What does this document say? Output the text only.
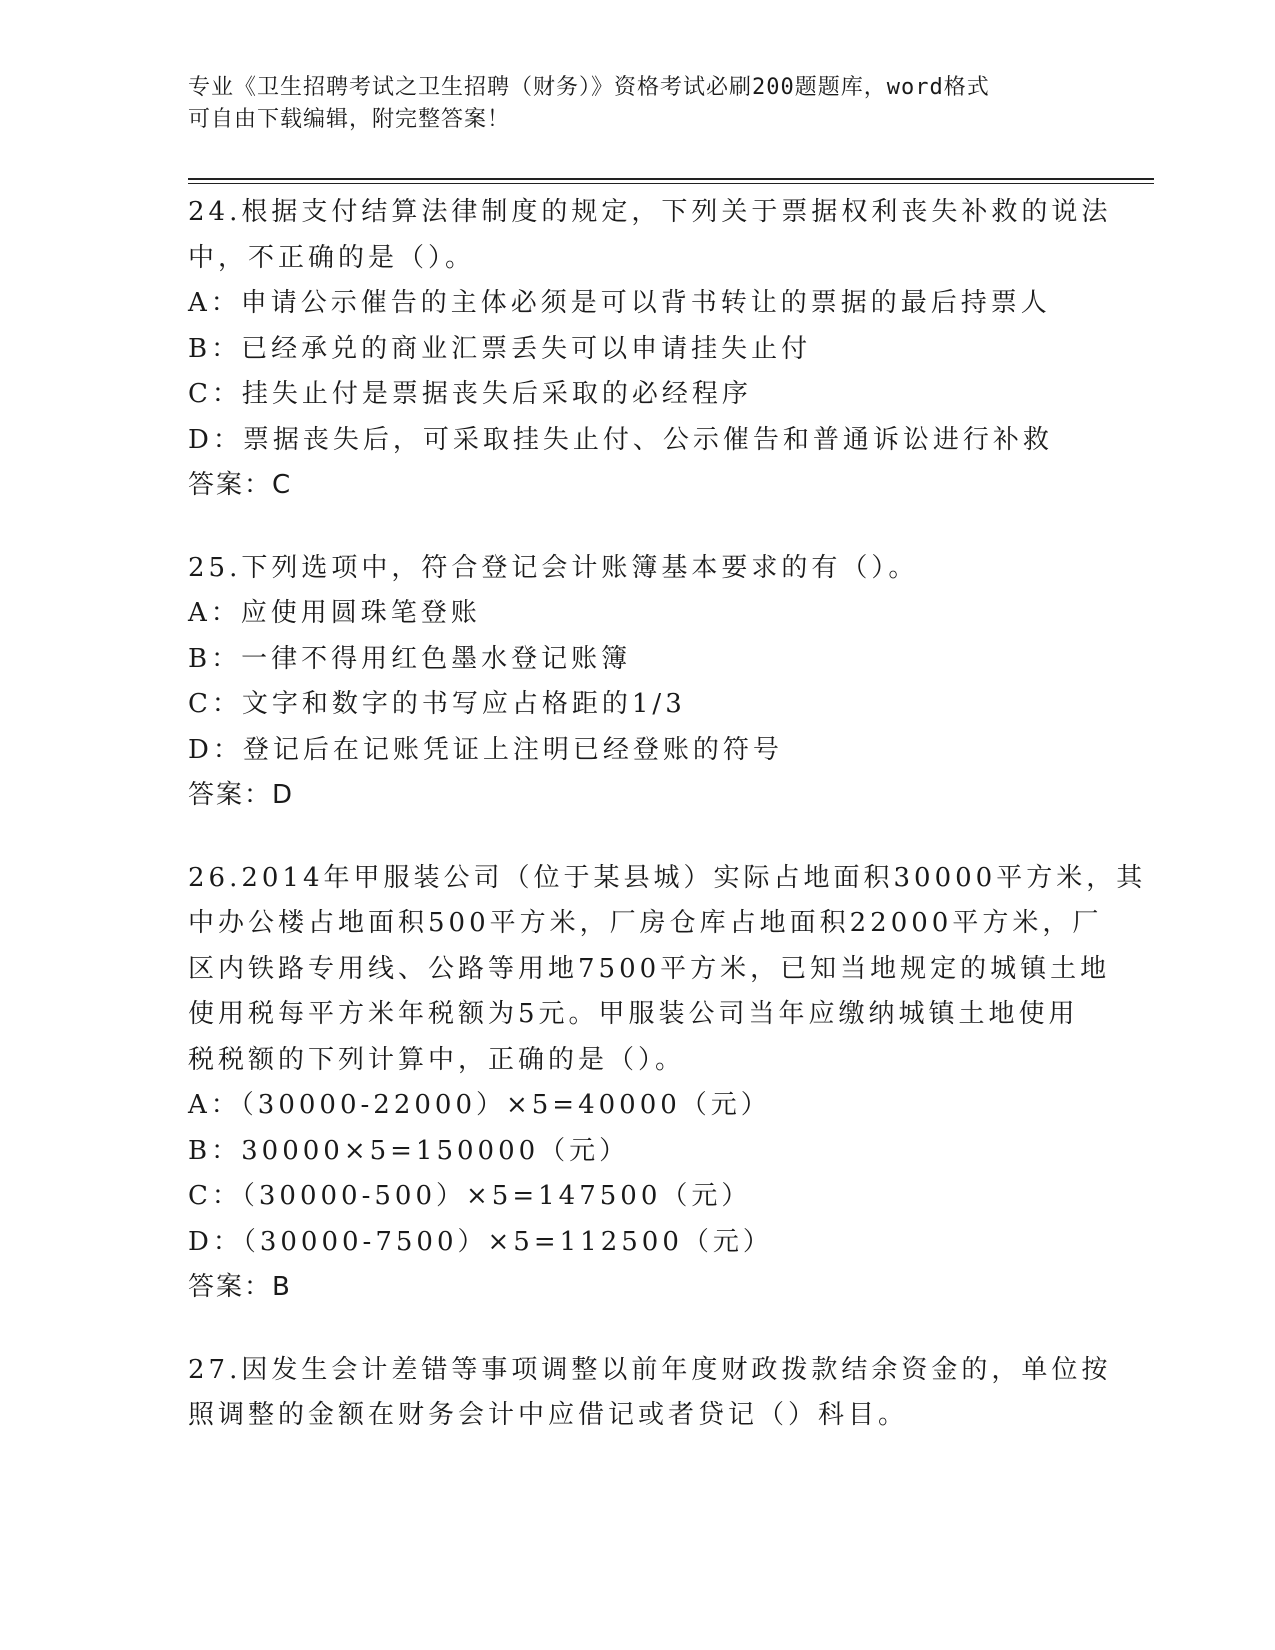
专业《卫生招聘考试之卫生招聘（财务）》资格考试必刷200题题库，word格式

可自由下载编辑，附完整答案！

24.根据支付结算法律制度的规定，下列关于票据权利丧失补救的说法

中，不正确的是（）。

A：申请公示催告的主体必须是可以背书转让的票据的最后持票人

B：已经承兑的商业汇票丢失可以申请挂失止付

C：挂失止付是票据丧失后采取的必经程序

D：票据丧失后，可采取挂失止付、公示催告和普通诉讼进行补救

答案：C

25.下列选项中，符合登记会计账簿基本要求的有（）。

A：应使用圆珠笔登账

B：一律不得用红色墨水登记账簿

C：文字和数字的书写应占格距的1/3

D：登记后在记账凭证上注明已经登账的符号

答案：D

26.2014年甲服装公司（位于某县城）实际占地面积30000平方米，其

中办公楼占地面积500平方米，厂房仓库占地面积22000平方米，厂

区内铁路专用线、公路等用地7500平方米，已知当地规定的城镇土地

使用税每平方米年税额为5元。甲服装公司当年应缴纳城镇土地使用

税税额的下列计算中，正确的是（）。

A：（30000-22000）×5=40000（元）

B：30000×5=150000（元）

C：（30000-500）×5=147500（元）

D：（30000-7500）×5=112500（元）

答案：B

27.因发生会计差错等事项调整以前年度财政拨款结余资金的，单位按

照调整的金额在财务会计中应借记或者贷记（）科目。
